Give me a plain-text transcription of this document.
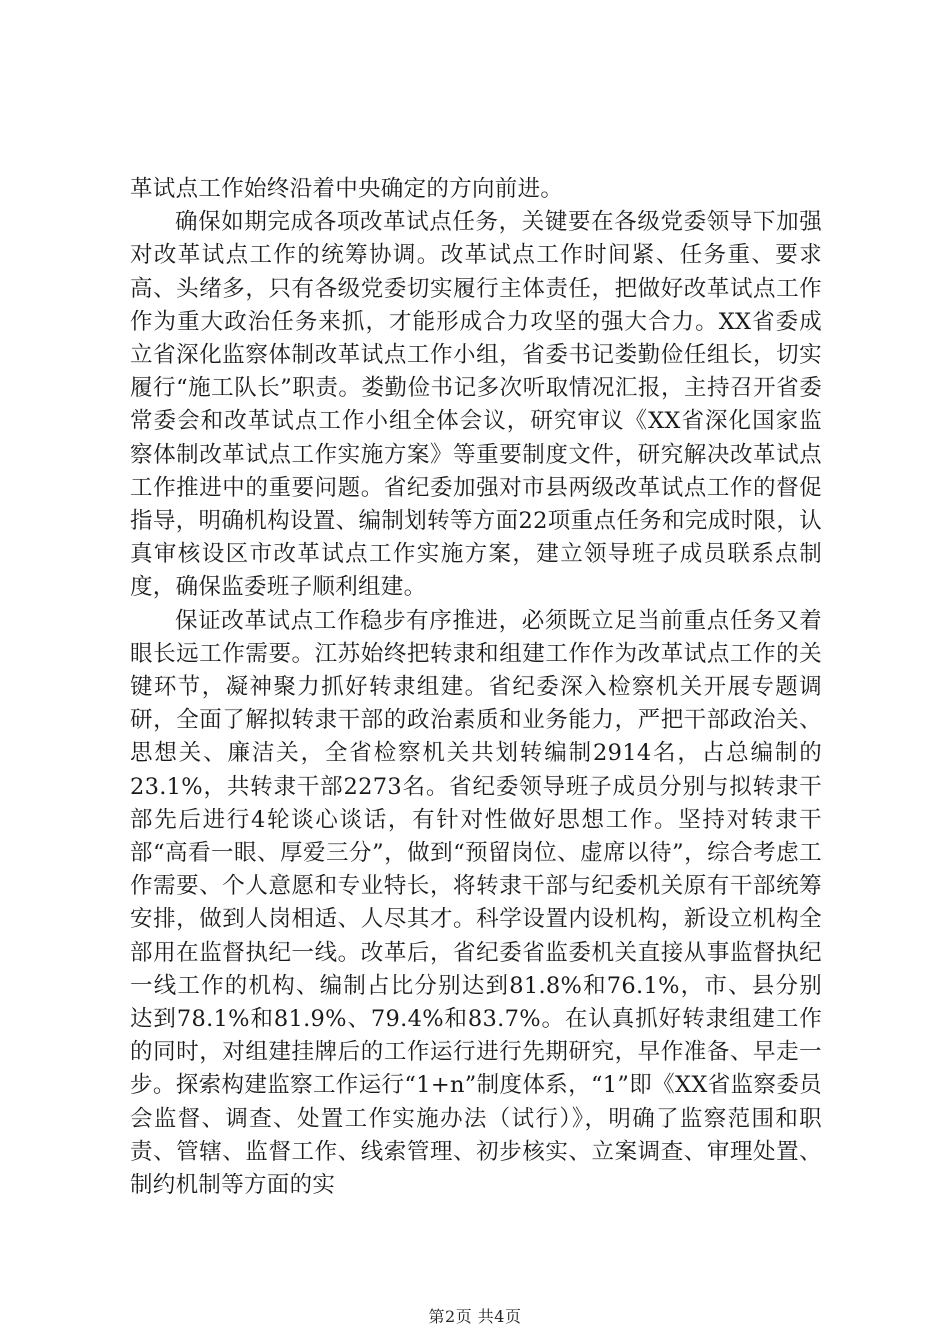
革试点工作始终沿着中央确定的方向前进。

确保如期完成各项改革试点任务，关键要在各级党委领导下加强对改革试点工作的统筹协调。改革试点工作时间紧、任务重、要求高、头绪多，只有各级党委切实履行主体责任，把做好改革试点工作作为重大政治任务来抓，才能形成合力攻坚的强大合力。XX省委成立省深化监察体制改革试点工作小组，省委书记娄勤俭任组长，切实履行“施工队长”职责。娄勤俭书记多次听取情况汇报，主持召开省委常委会和改革试点工作小组全体会议，研究审议《XX省深化国家监察体制改革试点工作实施方案》等重要制度文件，研究解决改革试点工作推进中的重要问题。省纪委加强对市县两级改革试点工作的督促指导，明确机构设置、编制划转等方面22项重点任务和完成时限，认真审核设区市改革试点工作实施方案，建立领导班子成员联系点制度，确保监委班子顺利组建。

保证改革试点工作稳步有序推进，必须既立足当前重点任务又着眼长远工作需要。江苏始终把转隶和组建工作作为改革试点工作的关键环节，凝神聚力抓好转隶组建。省纪委深入检察机关开展专题调研，全面了解拟转隶干部的政治素质和业务能力，严把干部政治关、思想关、廉洁关，全省检察机关共划转编制2914名，占总编制的23.1%，共转隶干部2273名。省纪委领导班子成员分别与拟转隶干部先后进行4轮谈心谈话，有针对性做好思想工作。坚持对转隶干部“高看一眼、厚爱三分”，做到“预留岗位、虚席以待”，综合考虑工作需要、个人意愿和专业特长，将转隶干部与纪委机关原有干部统筹安排，做到人岗相适、人尽其才。科学设置内设机构，新设立机构全部用在监督执纪一线。改革后，省纪委省监委机关直接从事监督执纪一线工作的机构、编制占比分别达到81.8%和76.1%，市、县分别达到78.1%和81.9%、79.4%和83.7%。在认真抓好转隶组建工作的同时，对组建挂牌后的工作运行进行先期研究，早作准备、早走一步。探索构建监察工作运行“1+n”制度体系，“1”即《XX省监察委员会监督、调查、处置工作实施办法（试行）》，明确了监察范围和职责、管辖、监督工作、线索管理、初步核实、立案调查、审理处置、制约机制等方面的实

第2页 共4页
